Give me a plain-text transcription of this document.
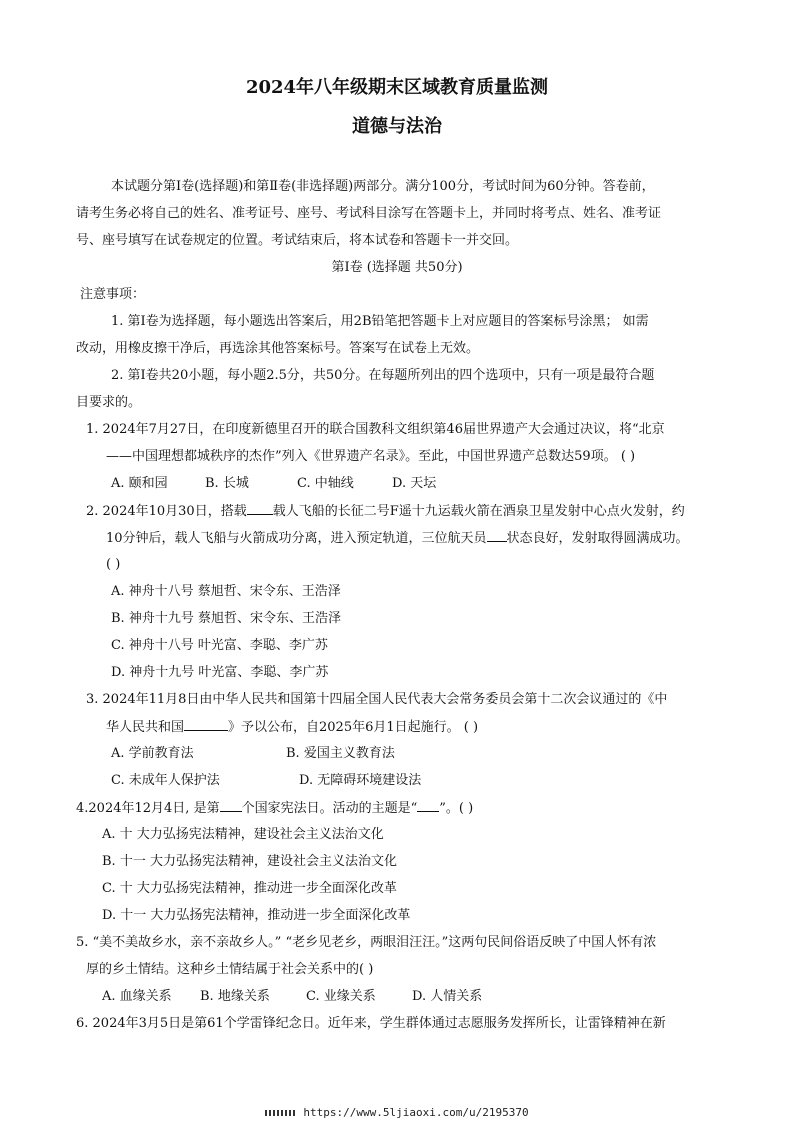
2024年八年级期末区域教育质量监测
道德与法治
本试题分第Ⅰ卷(选择题)和第Ⅱ卷(非选择题)两部分。满分100分，考试时间为60分钟。答卷前，
请考生务必将自己的姓名、准考证号、座号、考试科目涂写在答题卡上，并同时将考点、姓名、准考证
号、座号填写在试卷规定的位置。考试结束后，将本试卷和答题卡一并交回。
第Ⅰ卷 (选择题 共50分)
注意事项：
1. 第Ⅰ卷为选择题，每小题选出答案后，用2B铅笔把答题卡上对应题目的答案标号涂黑； 如需
改动，用橡皮擦干净后，再选涂其他答案标号。答案写在试卷上无效。
2. 第Ⅰ卷共20小题，每小题2.5分，共50分。在每题所列出的四个选项中，只有一项是最符合题
目要求的。
1. 2024年7月27日，在印度新德里召开的联合国教科文组织第46届世界遗产大会通过决议，将“北京
——中国理想都城秩序的杰作”列入《世界遗产名录》。至此，中国世界遗产总数达59项。 ( )
A. 颐和园	B. 长城	C. 中轴线	D. 天坛
2. 2024年10月30日，搭载 载人飞船的长征二号F遥十九运载火箭在酒泉卫星发射中心点火发射，约
10分钟后，载人飞船与火箭成功分离，进入预定轨道，三位航天员 状态良好，发射取得圆满成功。
( )
A. 神舟十八号 蔡旭哲、宋令东、王浩泽
B. 神舟十九号 蔡旭哲、宋令东、王浩泽
C. 神舟十八号 叶光富、李聪、李广苏
D. 神舟十九号 叶光富、李聪、李广苏
3. 2024年11月8日由中华人民共和国第十四届全国人民代表大会常务委员会第十二次会议通过的《中
华人民共和国	》予以公布，自2025年6月1日起施行。 ( )
A. 学前教育法	B. 爱国主义教育法
C. 未成年人保护法	D. 无障碍环境建设法
4.2024年12月4日, 是第 个国家宪法日。活动的主题是“ ”。( )
A. 十 大力弘扬宪法精神，建设社会主义法治文化
B. 十一 大力弘扬宪法精神，建设社会主义法治文化
C. 十 大力弘扬宪法精神，推动进一步全面深化改革
D. 十一 大力弘扬宪法精神，推动进一步全面深化改革
5. “美不美故乡水，亲不亲故乡人。” “老乡见老乡，两眼泪汪汪。”这两句民间俗语反映了中国人怀有浓
厚的乡土情结。这种乡土情结属于社会关系中的( )
A. 血缘关系 B. 地缘关系	C. 业缘关系	D. 人情关系
6. 2024年3月5日是第61个学雷锋纪念日。近年来，学生群体通过志愿服务发挥所长，让雷锋精神在新
https://www.5ljiaoxi.com/u/2195370
